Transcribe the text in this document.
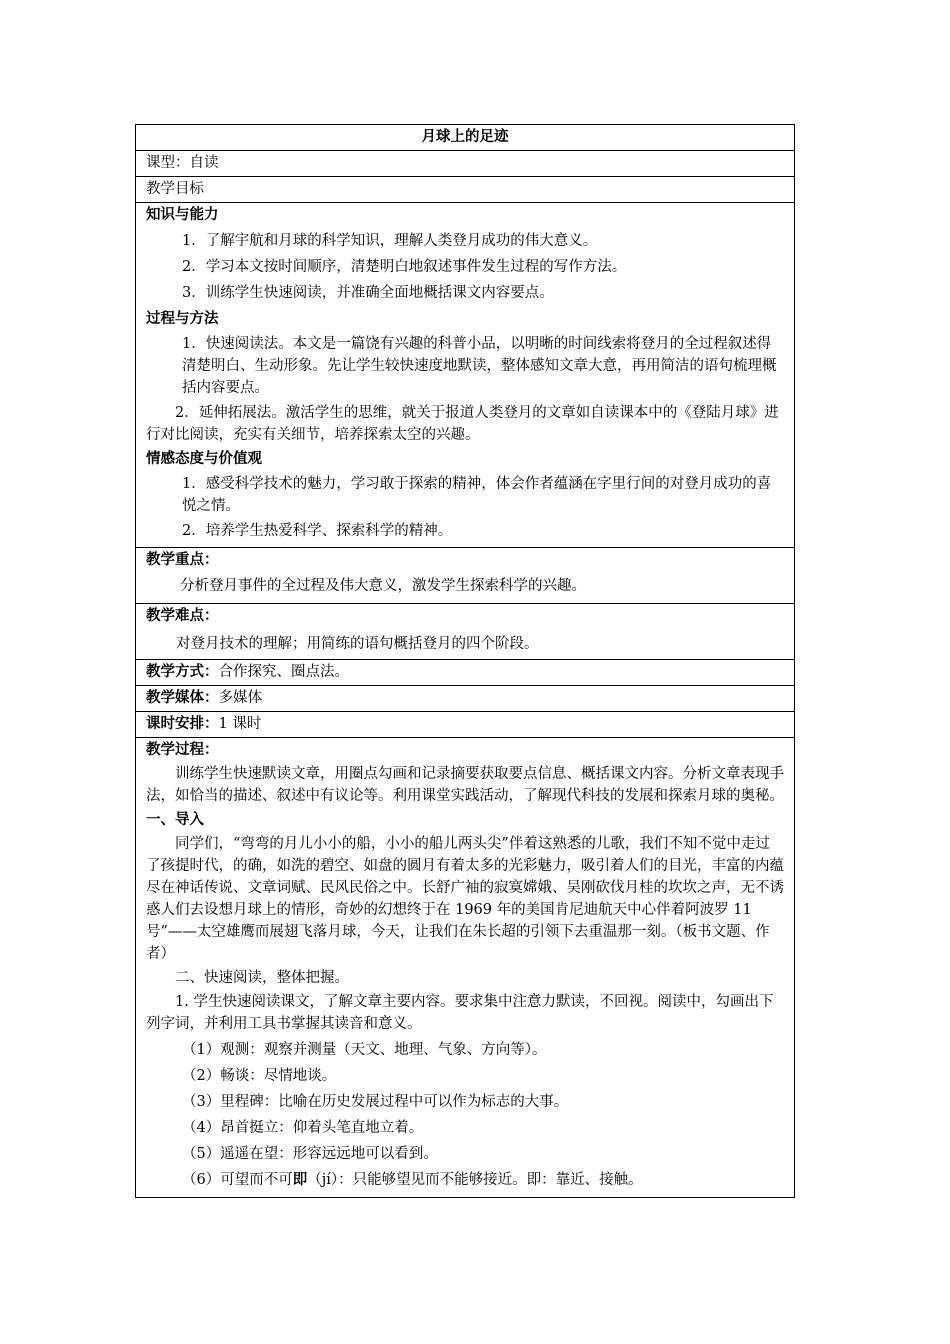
月球上的足迹
课型：自读
教学目标

知识与能力

1．了解宇航和月球的科学知识，理解人类登月成功的伟大意义。

2．学习本文按时间顺序，清楚明白地叙述事件发生过程的写作方法。

3．训练学生快速阅读，并准确全面地概括课文内容要点。

过程与方法

1．快速阅读法。本文是一篇饶有兴趣的科普小品，以明晰的时间线索将登月的全过程叙述得清楚明白、生动形象。先让学生较快速度地默读，整体感知文章大意，再用简洁的语句梳理概括内容要点。

2．延伸拓展法。激活学生的思维，就关于报道人类登月的文章如自读课本中的《登陆月球》进行对比阅读，充实有关细节，培养探索太空的兴趣。

情感态度与价值观

1．感受科学技术的魅力，学习敢于探索的精神，体会作者蕴涵在字里行间的对登月成功的喜悦之情。

2．培养学生热爱科学、探索科学的精神。

教学重点：

分析登月事件的全过程及伟大意义，激发学生探索科学的兴趣。

教学难点：

对登月技术的理解；用简练的语句概括登月的四个阶段。

教学方式：合作探究、圈点法。
教学媒体：多媒体
课时安排：1 课时

教学过程：

训练学生快速默读文章，用圈点勾画和记录摘要获取要点信息、概括课文内容。分析文章表现手法，如恰当的描述、叙述中有议论等。利用课堂实践活动，了解现代科技的发展和探索月球的奥秘。

一、导入

同学们，“弯弯的月儿小小的船，小小的船儿两头尖”伴着这熟悉的儿歌，我们不知不觉中走过了孩提时代，的确，如洗的碧空、如盘的圆月有着太多的光彩魅力，吸引着人们的目光，丰富的内蕴尽在神话传说、文章词赋、民风民俗之中。长舒广袖的寂寞嫦娥、吴刚砍伐月桂的坎坎之声，无不诱惑人们去设想月球上的情形，奇妙的幻想终于在 1969 年的美国肯尼迪航天中心伴着阿波罗 11 号”——太空雄鹰而展翅飞落月球，今天，让我们在朱长超的引领下去重温那一刻。（板书文题、作者）

二、快速阅读，整体把握。

1. 学生快速阅读课文，了解文章主要内容。要求集中注意力默读，不回视。阅读中，勾画出下列字词，并利用工具书掌握其读音和意义。

（1）观测：观察并测量（天文、地理、气象、方向等）。

（2）畅谈：尽情地谈。

（3）里程碑：比喻在历史发展过程中可以作为标志的大事。

（4）昂首挺立：仰着头笔直地立着。

（5）遥遥在望：形容远远地可以看到。

（6）可望而不可即（jí）：只能够望见而不能够接近。即：靠近、接触。
